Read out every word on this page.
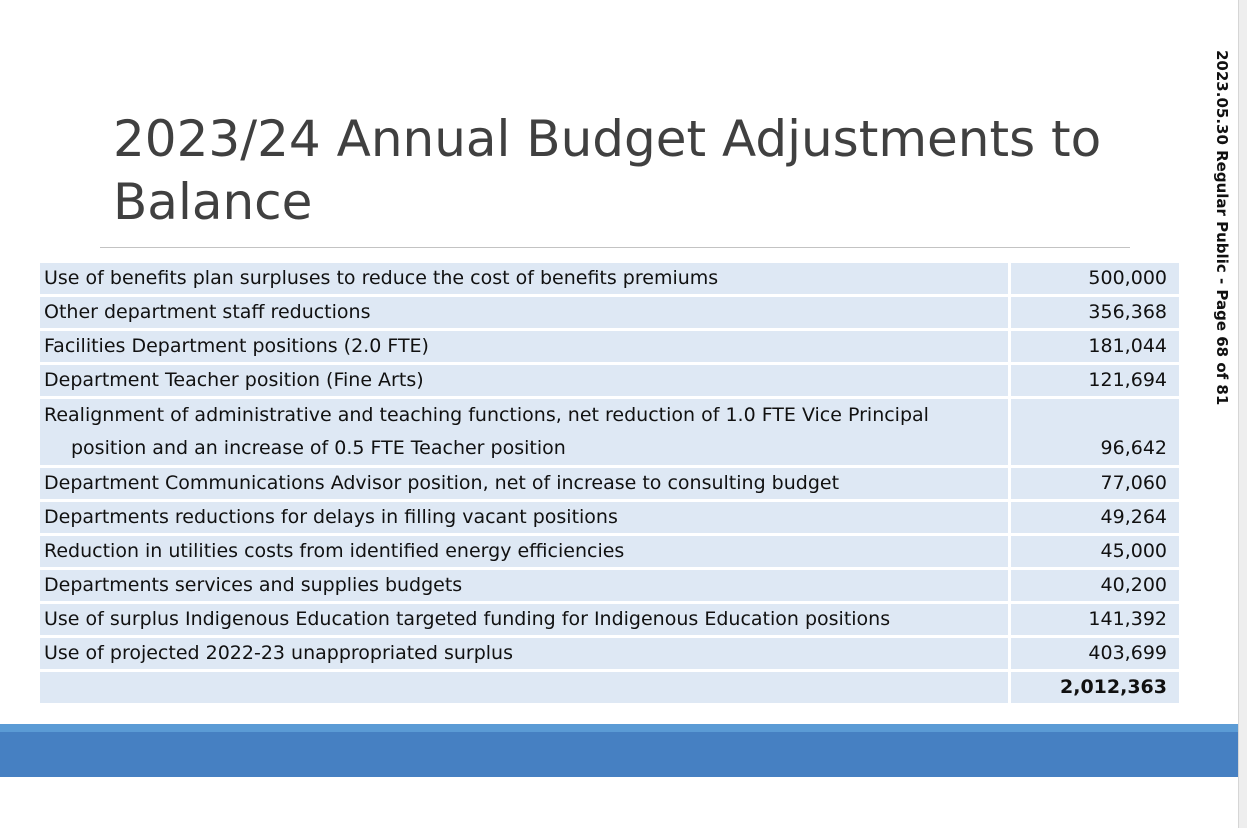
2023/24 Annual Budget Adjustments to Balance
Use of benefits plan surpluses to reduce the cost of benefits premiums	500,000
Other department staff reductions	356,368
Facilities Department positions (2.0 FTE)	181,044
Department Teacher position (Fine Arts)	121,694

Realignment of administrative and teaching functions, net reduction of 1.0 FTE Vice Principal
position and an increase of 0.5 FTE Teacher position	96,642
Department Communications Advisor position, net of increase to consulting budget	77,060
Departments reductions for delays in filling vacant positions	49,264
Reduction in utilities costs from identified energy efficiencies	45,000
Departments services and supplies budgets	40,200
Use of surplus Indigenous Education targeted funding for Indigenous Education positions	141,392
Use of projected 2022-23 unappropriated surplus	403,699
	2,012,363
2023.05.30 Regular Public - Page 68 of 81
